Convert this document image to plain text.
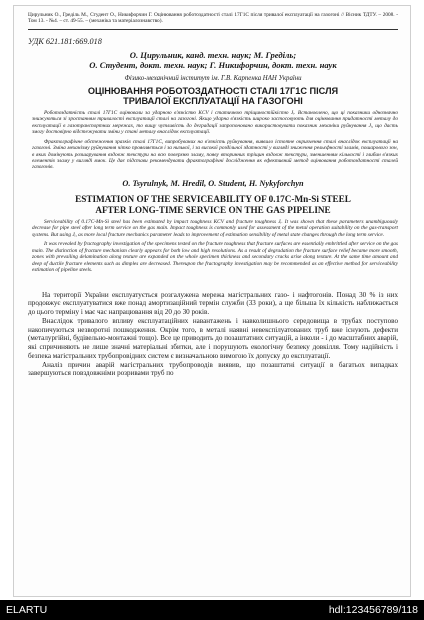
Цирульник О., Греділь М., Студент О., Никифорчин Г. Оцінювання роботоздатності сталі 17Г1С після тривалої експлуатації на газогоні // Вісник ТДТУ. – 2008. - Том 13. - №4. – ст. 49-55. – (механіка та матеріалознавство).
УДК 621.181:669.018
О. Цирульник, канд. техн. наук; М. Греділь;
О. Студент, докт. техн. наук; Г. Никифорчин, докт. техн. наук
Фізико-механічний інститут ім. Г.В. Карпенка НАН України
ОЦІНЮВАННЯ РОБОТОЗДАТНОСТІ СТАЛІ 17Г1С ПІСЛЯ
ТРИВАЛОЇ ЕКСПЛУАТАЦІЇ НА ГАЗОГОНІ

Роботоздатність сталі 17Г1С оцінювали за ударною в'язкістю KCV і статичною тріщиностійкістю Jᵢ. Встановлено, що ці показники однозначно знижуються зі зростанням тривалості експлуатації сталі на газогоні. Якщо ударна в'язкість широко застосовують для оцінювання придатності металу до експлуатації в газотранспортних мережах, то вищу чутливість до деградації запропоновано використовувати показник механіки руйнування Jᵢ, що дасть змогу достовірно відстежувати зміни у стані металу внаслідок експлуатації.

Фрактографічне обстеження зразків сталі 17Г1С, випробуваних на в'язкість руйнування, виявило істотне окрихчення сталі внаслідок експлуатації на газогоні. Зміна механізму руйнування чітко проявляється і за низької, і за високої роздільної здатності у вигляді зниження рельєфності зламів, пошарового зон, в яких домінують розшарування вздовж текстури на всю поверхню зламу, появу вторинних тріщин вздовж текстури, зменшенням кількості і глибин в'язких елементів зламу у вигляді ямок. Це дає підстави рекомендувати фрактографічні дослідження як ефективний метод оцінювання роботоздатності сталей газогонів.

O. Tsyrulnyk, M. Hredil, O. Student, H. Nykyforchyn
ESTIMATION OF THE SERVICEABILITY OF 0.17C-Mn-Si STEEL
AFTER LONG-TIME SERVICE ON THE GAS PIPELINE

Serviceability of 0.17C-Mn-Si steel has been estimated by impact toughness KCV and fracture toughness Jᵢ. It was shown that these parameters unambiguously decrease for pipe steel after long term service on the gas main. Impact toughness is commonly used for assessment of the metal operation suitability on the gas-transport systems. But using Jᵢ, as more local fracture mechanics parameter leads to improvement of estimation sensibility of metal state changes through the long term service.

It was revealed by fractography investigation of the specimens tested on the fracture toughness that fracture surfaces are essentially embrittled after service on the gas main. The distinction of fracture mechanism clearly appears for both low and high resolutions. As a result of degradation the fracture surface relief became more smooth, zones with prevailing delamination along texture are expanded on the whole specimen thickness and secondary cracks arise along texture. At the same time amount and deep of ductile fracture elements such as dimples are decreased. Thereupon the fractography investigation may be recommended as an effective method for serviceability estimation of pipeline steels.

На території України експлуатується розгалужена мережа магістральних газо- і нафтогонів. Понад 30 % із них продовжує експлуатуватися вже понад амортизаційний термін служби (33 роки), а ще більша їх кількість наближається до цього терміну і має час напрацювання від 20 до 30 років.

Внаслідок тривалого впливу експлуатаційних навантажень і навколишнього середовища в трубах поступово накопичуються незворотні пошкодження. Окрім того, в металі наявні невекспілуатованих труб вже існують дефекти (металургійні, будівельно-монтажні тощо). Все це приводить до позаштатних ситуацій, а інколи - і до масштабних аварій, які спричиняють не лише значні матеріальні збитки, але і порушують екологічну безпеку довкілля. Тому надійність і безпека магістральних трубопровідних систем є визначальною вимогою їх допуску до експлуатації.

Аналіз причин аварій магістральних трубопроводів виявив, що позаштатні ситуації в багатьох випадках завершуються повздовжніми розривами труб по

ELARTU	hdl:123456789/118
